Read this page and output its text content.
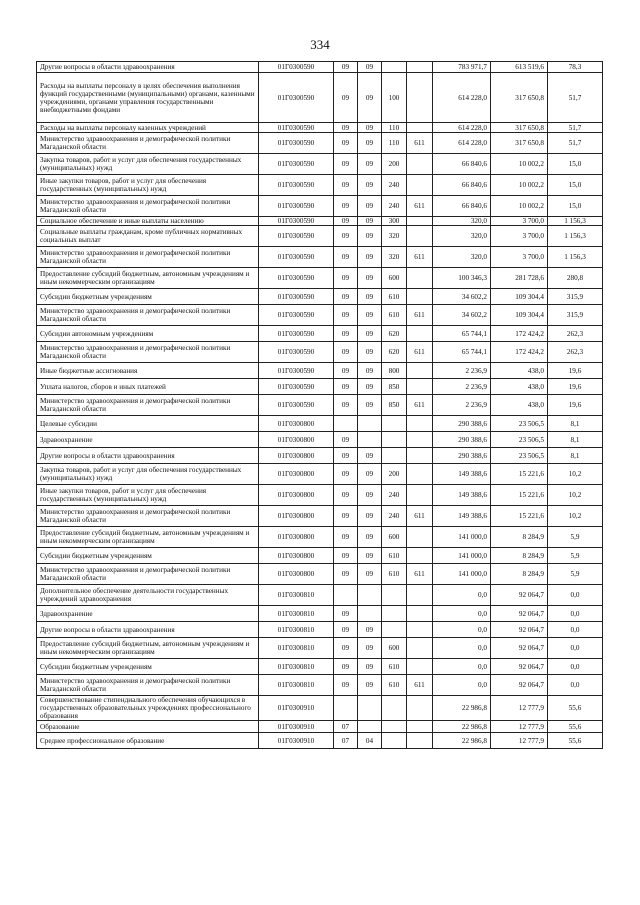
334
Другие вопросы в области здравоохранения	01Г0300590	09	09			783 971,7	613 519,6	78,3
Расходы на выплаты персоналу в целях обеспечения выполнения функций государственными (муниципальными) органами, казенными учреждениями, органами управления государственными внебюджетными фондами	01Г0300590	09	09	100		614 228,0	317 650,8	51,7
Расходы на выплаты персоналу казенных учреждений	01Г0300590	09	09	110		614 228,0	317 650,8	51,7
Министерство здравоохранения и демографической политики Магаданской области	01Г0300590	09	09	110	611	614 228,0	317 650,8	51,7
Закупка товаров, работ и услуг для обеспечения государственных (муниципальных) нужд	01Г0300590	09	09	200		66 840,6	10 002,2	15,0
Иные закупки товаров, работ и услуг для обеспечения государственных (муниципальных) нужд	01Г0300590	09	09	240		66 840,6	10 002,2	15,0
Министерство здравоохранения и демографической политики Магаданской области	01Г0300590	09	09	240	611	66 840,6	10 002,2	15,0
Социальное обеспечение и иные выплаты населению	01Г0300590	09	09	300		320,0	3 700,0	1 156,3
Социальные выплаты гражданам, кроме публичных нормативных социальных выплат	01Г0300590	09	09	320		320,0	3 700,0	1 156,3
Министерство здравоохранения и демографической политики Магаданской области	01Г0300590	09	09	320	611	320,0	3 700,0	1 156,3
Предоставление субсидий бюджетным, автономным учреждениям и иным некоммерческим организациям	01Г0300590	09	09	600		100 346,3	281 728,6	280,8
Субсидии бюджетным учреждениям	01Г0300590	09	09	610		34 602,2	109 304,4	315,9
Министерство здравоохранения и демографической политики Магаданской области	01Г0300590	09	09	610	611	34 602,2	109 304,4	315,9
Субсидии автономным учреждениям	01Г0300590	09	09	620		65 744,1	172 424,2	262,3
Министерство здравоохранения и демографической политики Магаданской области	01Г0300590	09	09	620	611	65 744,1	172 424,2	262,3
Иные бюджетные ассигнования	01Г0300590	09	09	800		2 236,9	438,0	19,6
Уплата налогов, сборов и иных платежей	01Г0300590	09	09	850		2 236,9	438,0	19,6
Министерство здравоохранения и демографической политики Магаданской области	01Г0300590	09	09	850	611	2 236,9	438,0	19,6
Целевые субсидии	01Г0300800					290 388,6	23 506,5	8,1
Здравоохранение	01Г0300800	09				290 388,6	23 506,5	8,1
Другие вопросы в области здравоохранения	01Г0300800	09	09			290 388,6	23 506,5	8,1
Закупка товаров, работ и услуг для обеспечения государственных (муниципальных) нужд	01Г0300800	09	09	200		149 388,6	15 221,6	10,2
Иные закупки товаров, работ и услуг для обеспечения государственных (муниципальных) нужд	01Г0300800	09	09	240		149 388,6	15 221,6	10,2
Министерство здравоохранения и демографической политики Магаданской области	01Г0300800	09	09	240	611	149 388,6	15 221,6	10,2
Предоставление субсидий бюджетным, автономным учреждениям и иным некоммерческим организациям	01Г0300800	09	09	600		141 000,0	8 284,9	5,9
Субсидии бюджетным учреждениям	01Г0300800	09	09	610		141 000,0	8 284,9	5,9
Министерство здравоохранения и демографической политики Магаданской области	01Г0300800	09	09	610	611	141 000,0	8 284,9	5,9
Дополнительное обеспечение деятельности государственных учреждений здравоохранения	01Г0300810					0,0	92 064,7	0,0
Здравоохранение	01Г0300810	09				0,0	92 064,7	0,0
Другие вопросы в области здравоохранения	01Г0300810	09	09			0,0	92 064,7	0,0
Предоставление субсидий бюджетным, автономным учреждениям и иным некоммерческим организациям	01Г0300810	09	09	600		0,0	92 064,7	0,0
Субсидии бюджетным учреждениям	01Г0300810	09	09	610		0,0	92 064,7	0,0
Министерство здравоохранения и демографической политики Магаданской области	01Г0300810	09	09	610	611	0,0	92 064,7	0,0
Совершенствование стипендиального обеспечения обучающихся в государственных образовательных учреждениях профессионального образования	01Г0300910					22 986,8	12 777,9	55,6
Образование	01Г0300910	07				22 986,8	12 777,9	55,6
Среднее профессиональное образование	01Г0300910	07	04			22 986,8	12 777,9	55,6
